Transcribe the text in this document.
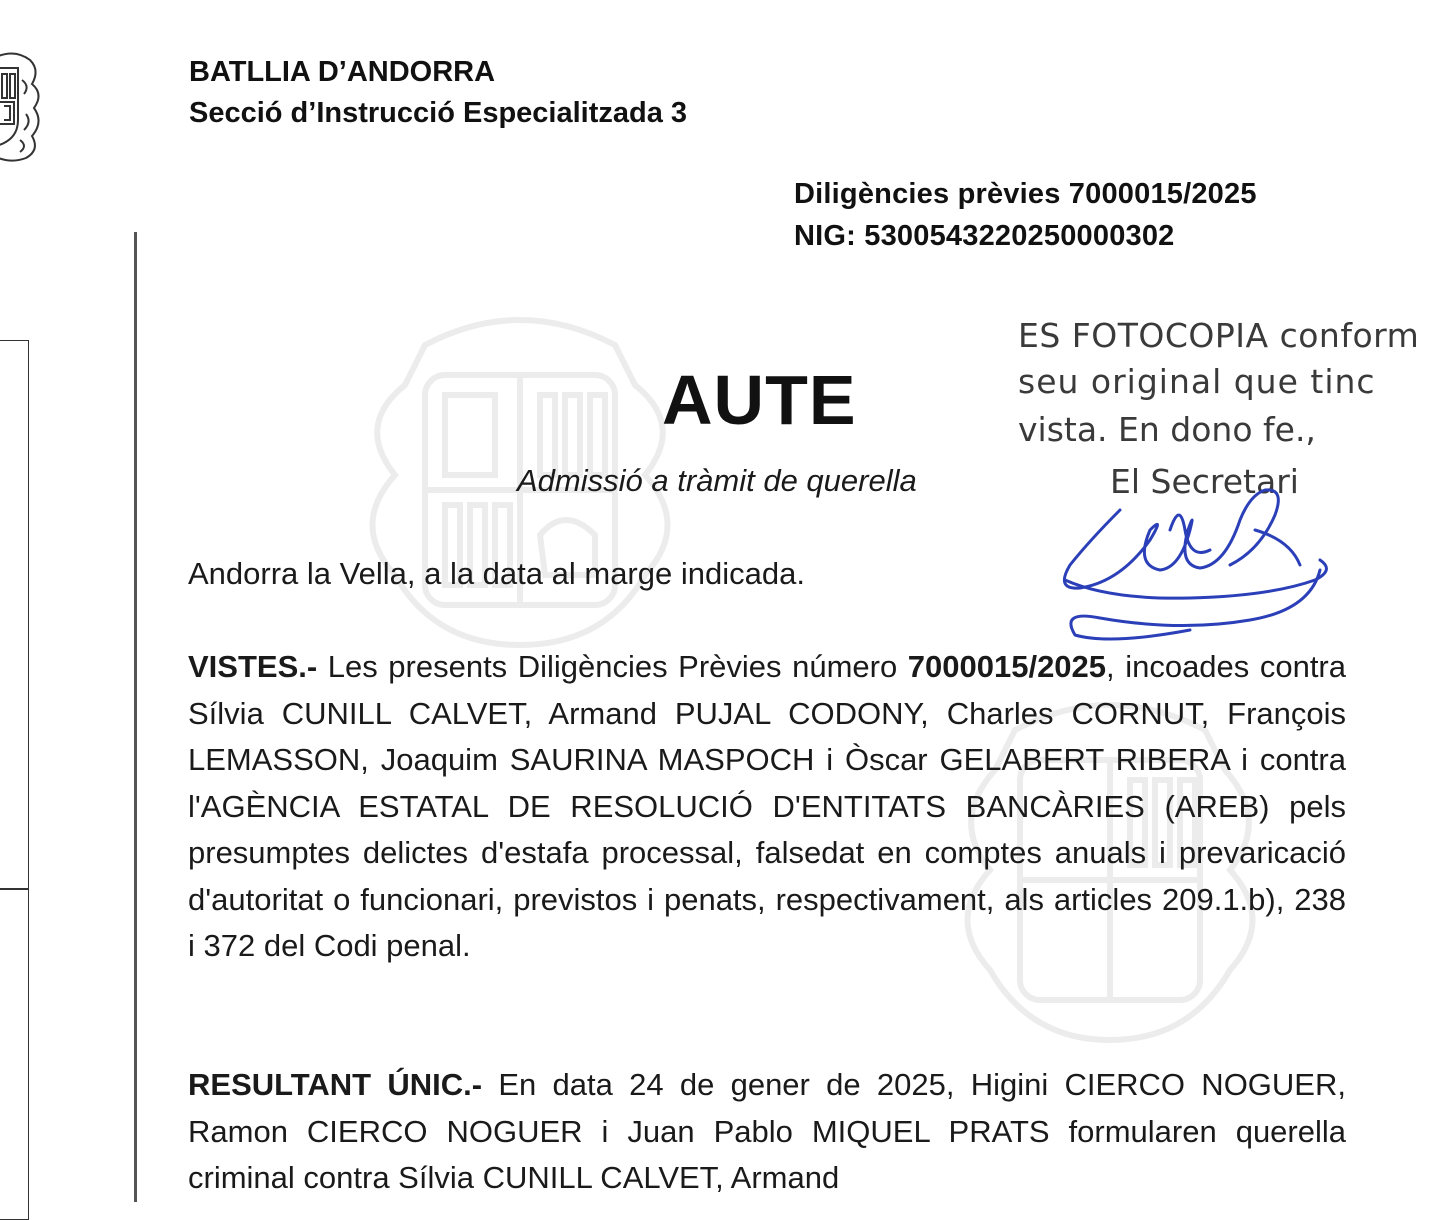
BATLLIA D’ANDORRA
Secció d’Instrucció Especialitzada 3
Diligències prèvies 7000015/2025
NIG: 53005432202500003​02
AUTE
Admissió a tràmit de querella
ES FOTOCOPIA conform
seu original que tinc
vista. En dono fe.,
El Secretari
Andorra la Vella, a la data al marge indicada.
VISTES.- Les presents Diligències Prèvies número 7000015/2025, incoades contra Sílvia CUNILL CALVET, Armand PUJAL CODONY, Charles CORNUT, François LEMASSON, Joaquim SAURINA MASPOCH i Òscar GELABERT RIBERA i contra l'AGÈNCIA ESTATAL DE RESOLUCIÓ D'ENTITATS BANCÀRIES (AREB) pels presumptes delictes d'estafa processal, falsedat en comptes anuals i prevaricació d'autoritat o funcionari, previstos i penats, respectivament, als articles 209.1.b), 238 i 372 del Codi penal.
RESULTANT ÚNIC.- En data 24 de gener de 2025, Higini CIERCO NOGUER, Ramon CIERCO NOGUER i Juan Pablo MIQUEL PRATS formularen querella criminal contra Sílvia CUNILL CALVET, Armand
